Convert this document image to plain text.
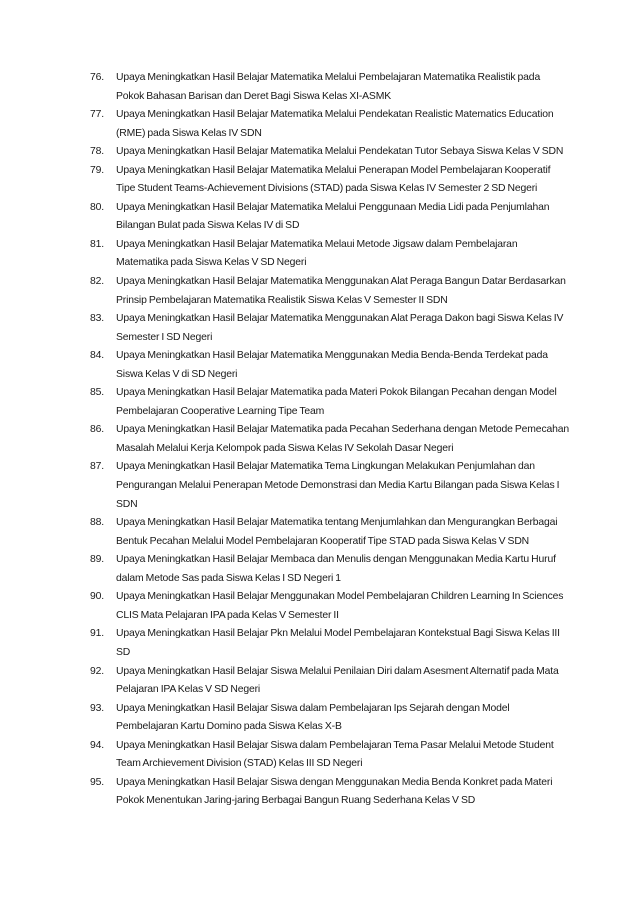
76.	Upaya Meningkatkan Hasil Belajar Matematika Melalui Pembelajaran Matematika Realistik pada Pokok Bahasan Barisan dan Deret Bagi Siswa Kelas XI-ASMK
77.	Upaya Meningkatkan Hasil Belajar Matematika Melalui Pendekatan Realistic Matematics Education (RME) pada Siswa Kelas IV SDN
78.	Upaya Meningkatkan Hasil Belajar Matematika Melalui Pendekatan Tutor Sebaya Siswa Kelas V SDN
79.	Upaya Meningkatkan Hasil Belajar Matematika Melalui Penerapan Model Pembelajaran Kooperatif Tipe Student Teams-Achievement Divisions (STAD) pada Siswa Kelas IV Semester 2 SD Negeri
80.	Upaya Meningkatkan Hasil Belajar Matematika Melalui Penggunaan Media Lidi pada Penjumlahan Bilangan Bulat pada Siswa Kelas IV di SD
81.	Upaya Meningkatkan Hasil Belajar Matematika Melaui Metode Jigsaw dalam Pembelajaran Matematika pada Siswa Kelas V SD Negeri
82.	Upaya Meningkatkan Hasil Belajar Matematika Menggunakan Alat Peraga Bangun Datar Berdasarkan Prinsip Pembelajaran Matematika Realistik Siswa Kelas V Semester II SDN
83.	Upaya Meningkatkan Hasil Belajar Matematika Menggunakan Alat Peraga Dakon bagi Siswa Kelas IV Semester I SD Negeri
84.	Upaya Meningkatkan Hasil Belajar Matematika Menggunakan Media Benda-Benda Terdekat pada Siswa Kelas V di SD Negeri
85.	Upaya Meningkatkan Hasil Belajar Matematika pada Materi Pokok Bilangan Pecahan dengan Model Pembelajaran Cooperative Learning Tipe Team
86.	Upaya Meningkatkan Hasil Belajar Matematika pada Pecahan Sederhana dengan Metode Pemecahan Masalah Melalui Kerja Kelompok pada Siswa Kelas IV Sekolah Dasar Negeri
87.	Upaya Meningkatkan Hasil Belajar Matematika Tema Lingkungan Melakukan Penjumlahan dan Pengurangan Melalui Penerapan Metode Demonstrasi dan Media Kartu Bilangan pada Siswa Kelas I SDN
88.	Upaya Meningkatkan Hasil Belajar Matematika tentang Menjumlahkan dan Mengurangkan Berbagai Bentuk Pecahan Melalui Model Pembelajaran Kooperatif Tipe STAD pada Siswa Kelas V SDN
89.	Upaya Meningkatkan Hasil Belajar Membaca dan Menulis dengan Menggunakan Media Kartu Huruf dalam Metode Sas pada Siswa Kelas I SD Negeri 1
90.	Upaya Meningkatkan Hasil Belajar Menggunakan Model Pembelajaran Children Learning In Sciences CLIS Mata Pelajaran IPA pada Kelas V Semester II
91.	Upaya Meningkatkan Hasil Belajar Pkn Melalui Model Pembelajaran Kontekstual Bagi Siswa Kelas III SD
92.	Upaya Meningkatkan Hasil Belajar Siswa Melalui Penilaian Diri dalam Asesment Alternatif pada Mata Pelajaran IPA Kelas V SD Negeri
93.	Upaya Meningkatkan Hasil Belajar Siswa dalam Pembelajaran Ips Sejarah dengan Model Pembelajaran Kartu Domino pada Siswa Kelas X-B
94.	Upaya Meningkatkan Hasil Belajar Siswa dalam Pembelajaran Tema Pasar Melalui Metode Student Team Archievement Division (STAD) Kelas III SD Negeri
95.	Upaya Meningkatkan Hasil Belajar Siswa dengan Menggunakan Media Benda Konkret pada Materi Pokok Menentukan Jaring-jaring Berbagai Bangun Ruang Sederhana Kelas V SD
